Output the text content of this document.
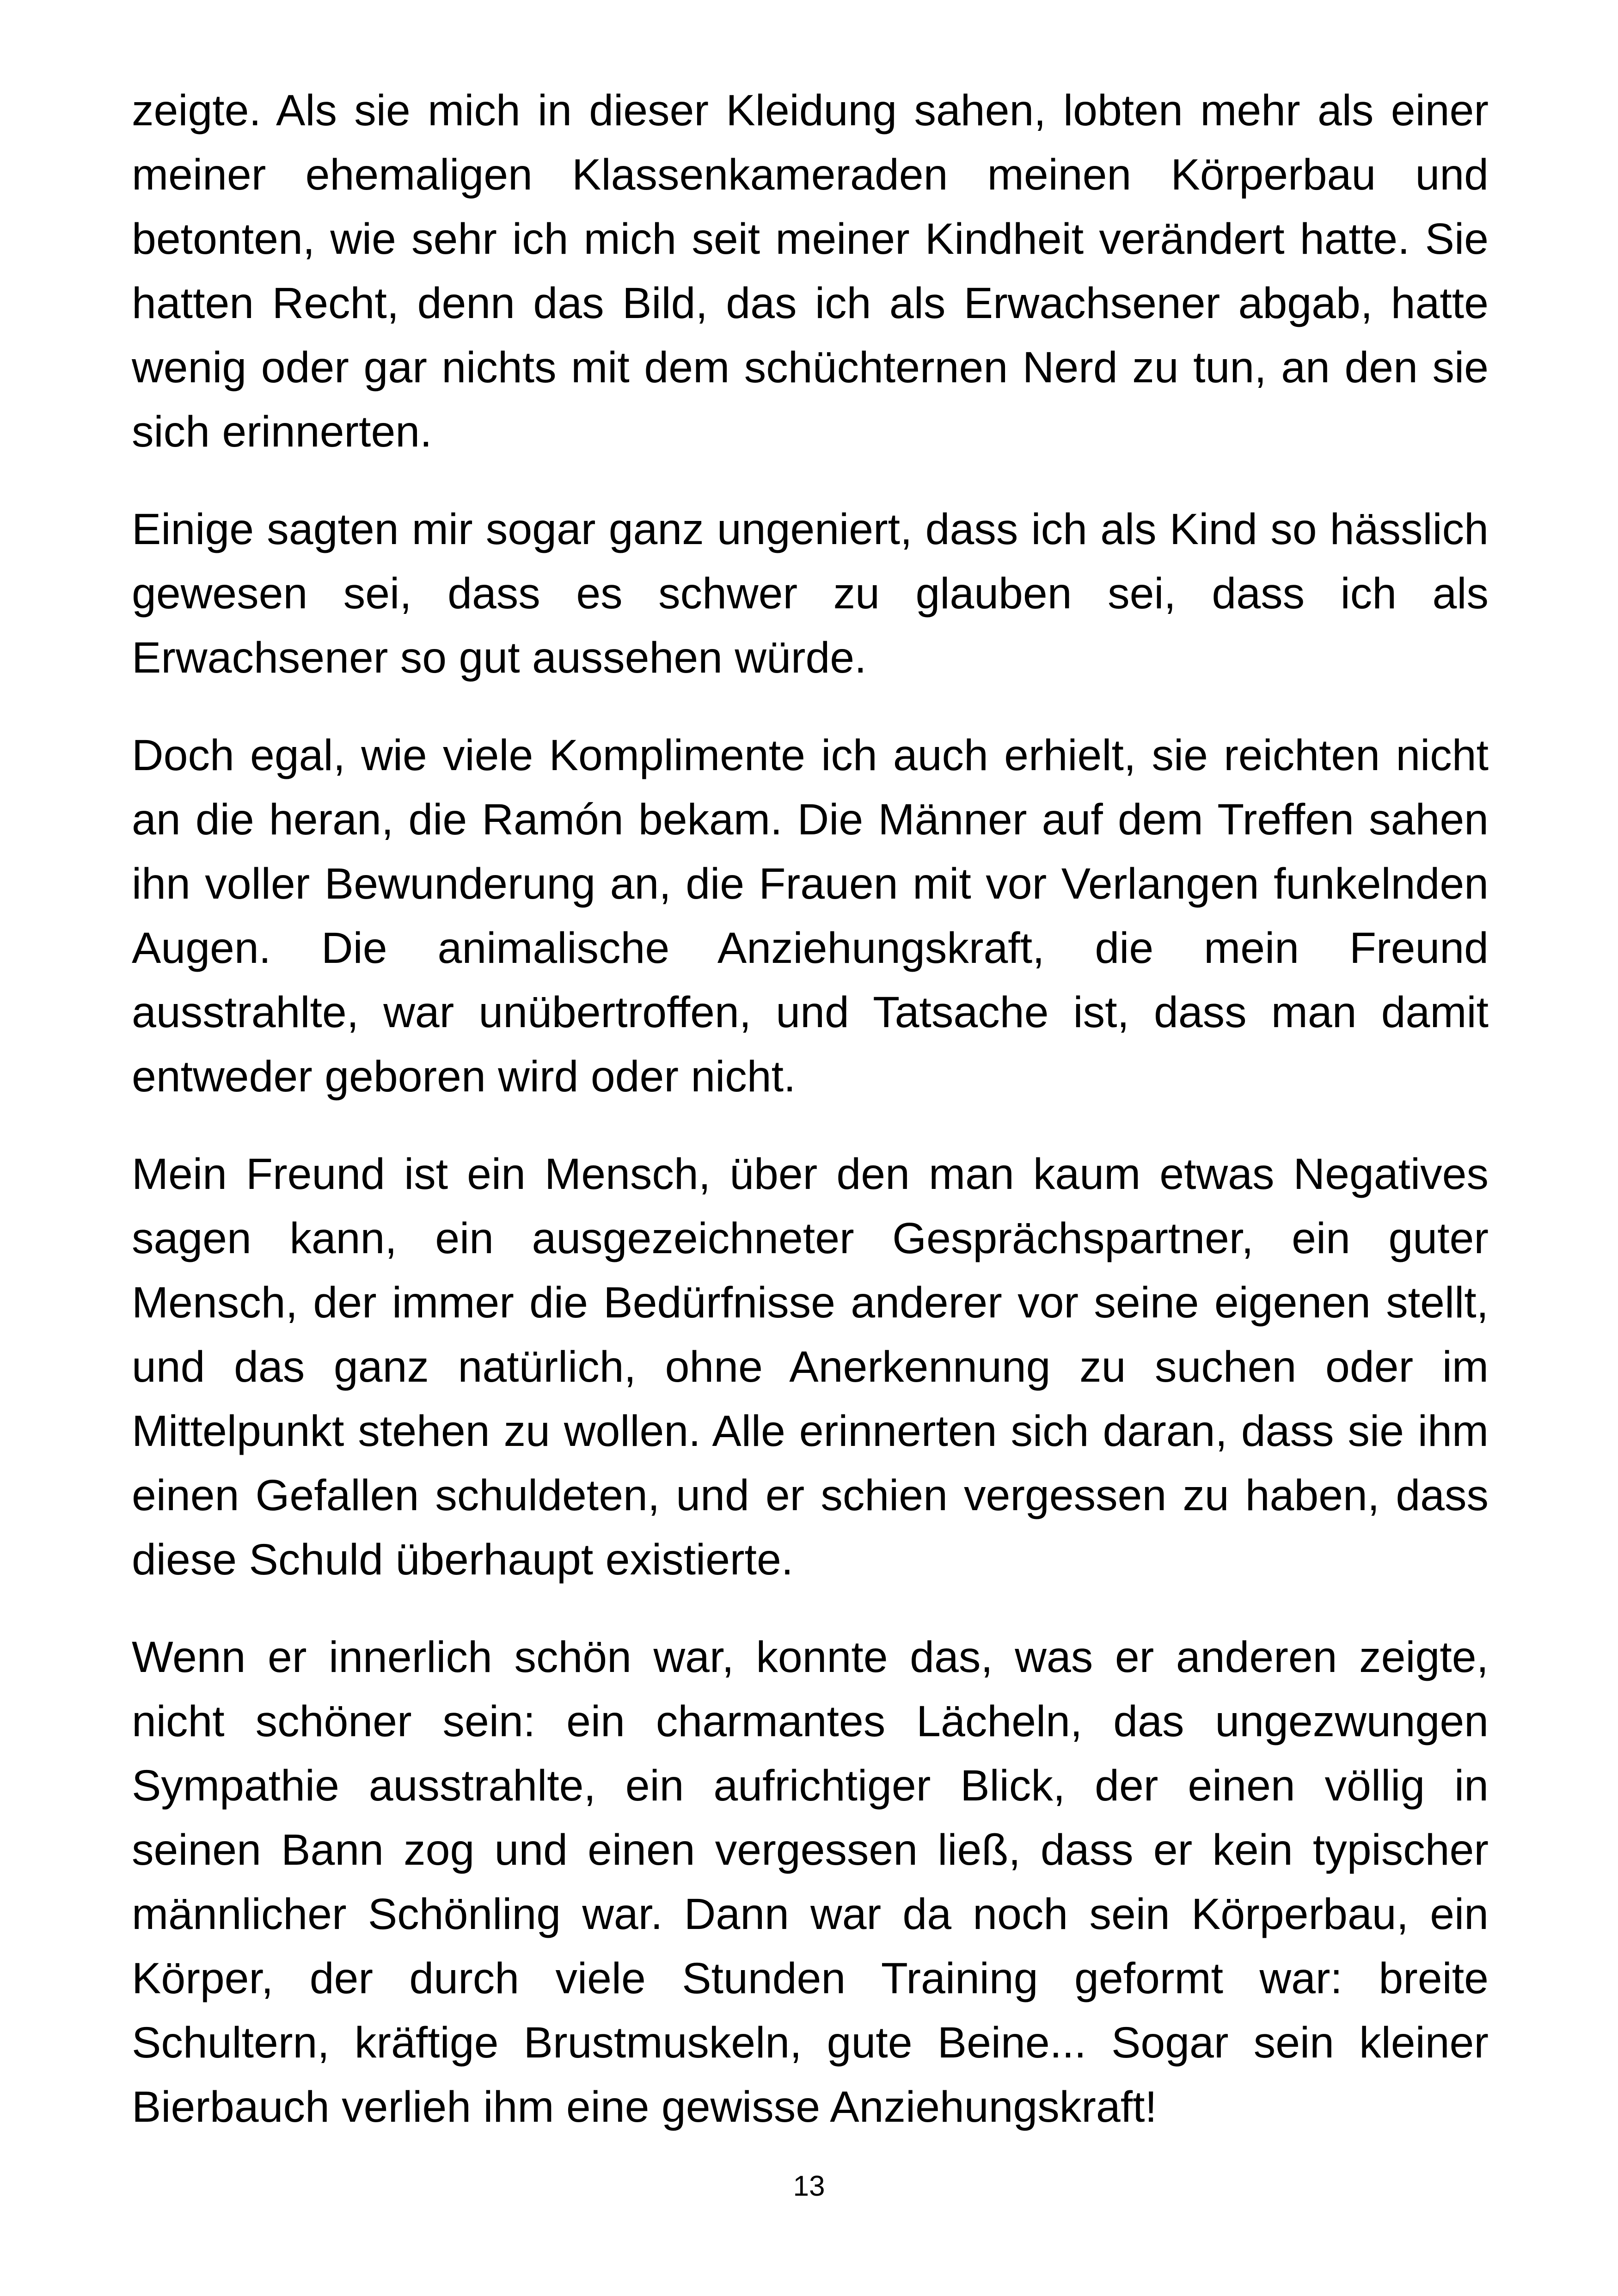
zeigte. Als sie mich in dieser Kleidung sahen, lobten mehr als einer meiner ehemaligen Klassenkameraden meinen Körperbau und betonten, wie sehr ich mich seit meiner Kindheit verändert hatte. Sie hatten Recht, denn das Bild, das ich als Erwachsener abgab, hatte wenig oder gar nichts mit dem schüchternen Nerd zu tun, an den sie sich erinnerten.

Einige sagten mir sogar ganz ungeniert, dass ich als Kind so hässlich gewesen sei, dass es schwer zu glauben sei, dass ich als Erwachsener so gut aussehen würde.

Doch egal, wie viele Komplimente ich auch erhielt, sie reichten nicht an die heran, die Ramón bekam. Die Männer auf dem Treffen sahen ihn voller Bewunderung an, die Frauen mit vor Verlangen funkelnden Augen. Die animalische Anziehungskraft, die mein Freund ausstrahlte, war unübertroffen, und Tatsache ist, dass man damit entweder geboren wird oder nicht.

Mein Freund ist ein Mensch, über den man kaum etwas Negatives sagen kann, ein ausgezeichneter Gesprächspartner, ein guter Mensch, der immer die Bedürfnisse anderer vor seine eigenen stellt, und das ganz natürlich, ohne Anerkennung zu suchen oder im Mittelpunkt stehen zu wollen. Alle erinnerten sich daran, dass sie ihm einen Gefallen schuldeten, und er schien vergessen zu haben, dass diese Schuld überhaupt existierte.

Wenn er innerlich schön war, konnte das, was er anderen zeigte, nicht schöner sein: ein charmantes Lächeln, das ungezwungen Sympathie ausstrahlte, ein aufrichtiger Blick, der einen völlig in seinen Bann zog und einen vergessen ließ, dass er kein typischer männlicher Schönling war. Dann war da noch sein Körperbau, ein Körper, der durch viele Stunden Training geformt war: breite Schultern, kräftige Brustmuskeln, gute Beine... Sogar sein kleiner Bierbauch verlieh ihm eine gewisse Anziehungskraft!

13
